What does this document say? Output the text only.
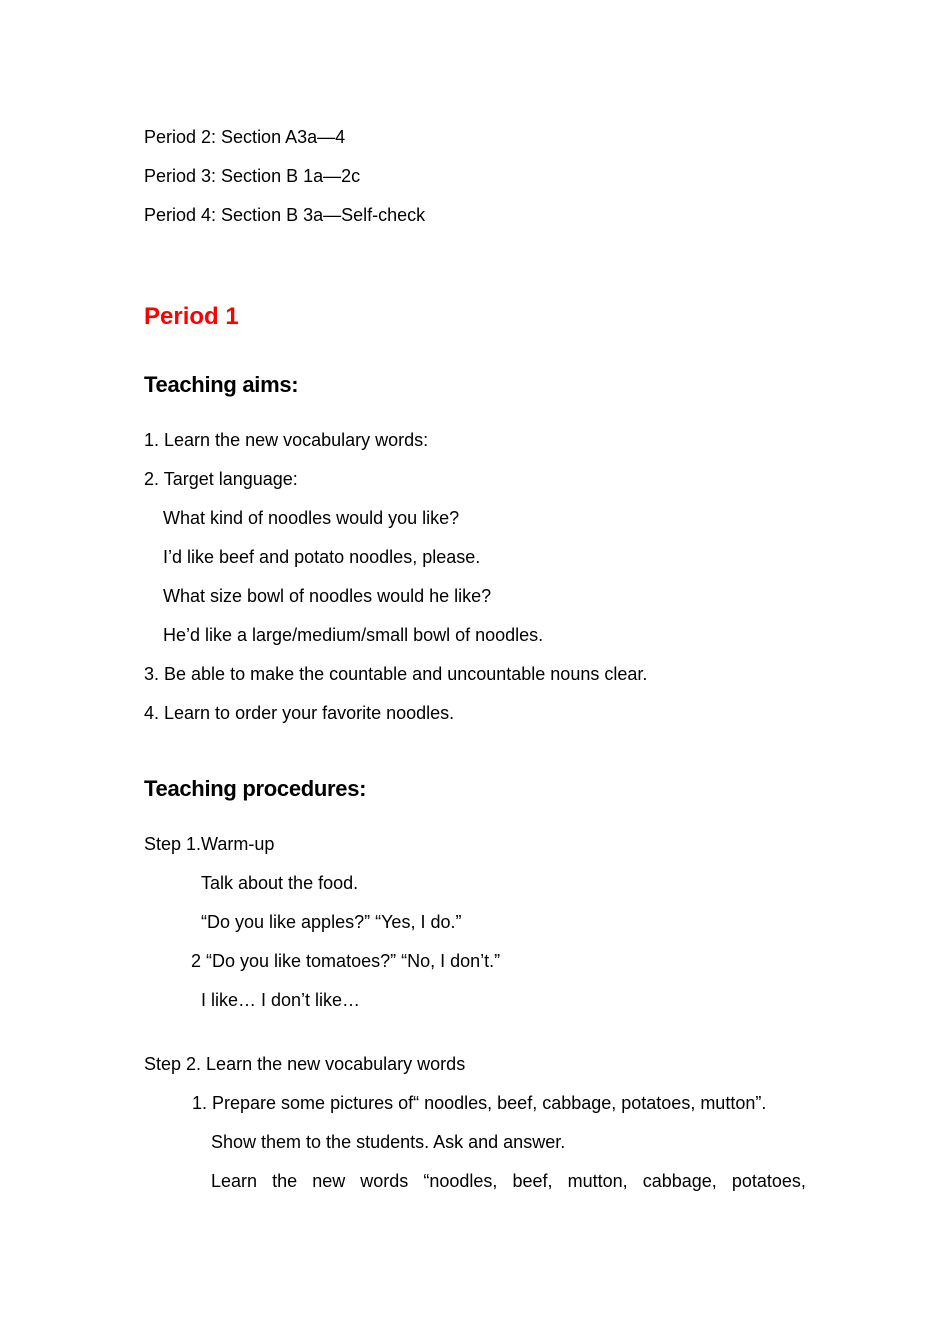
Period 2: Section A3a—4
Period 3: Section B 1a—2c
Period 4: Section B 3a—Self-check
Period 1
Teaching aims:
1. Learn the new vocabulary words:
2. Target language:
What kind of noodles would you like?
I’d like beef and potato noodles, please.
What size bowl of noodles would he like?
He’d like a large/medium/small bowl of noodles.
3. Be able to make the countable and uncountable nouns clear.
4. Learn to order your favorite noodles.
Teaching procedures:
Step 1.Warm-up
Talk about the food.
“Do you like apples?” “Yes, I do.”
2 “Do you like tomatoes?” “No, I don’t.”
I like… I don’t like…
Step 2. Learn the new vocabulary words
1. Prepare some pictures of“ noodles, beef, cabbage, potatoes, mutton”.
Show them to the students. Ask and answer.
Learn the new words “noodles, beef, mutton, cabbage, potatoes,
